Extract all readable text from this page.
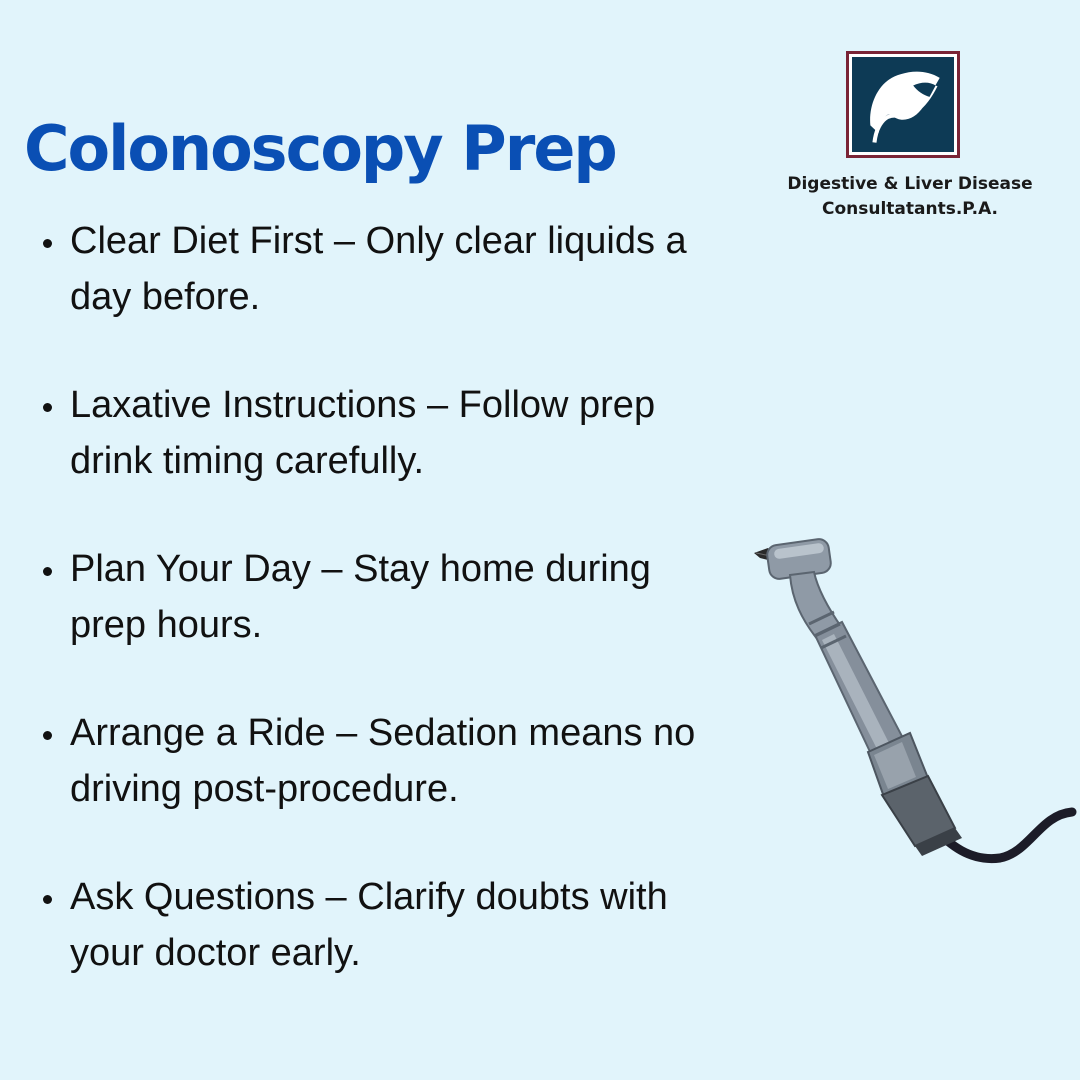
Colonoscopy Prep	Digestive & Liver Disease
Consultatants.P.A.
Clear Diet First – Only clear liquids a day before.
Laxative Instructions – Follow prep drink timing carefully.
Plan Your Day – Stay home during prep hours.
Arrange a Ride – Sedation means no driving post-procedure.
Ask Questions – Clarify doubts with your doctor early.
